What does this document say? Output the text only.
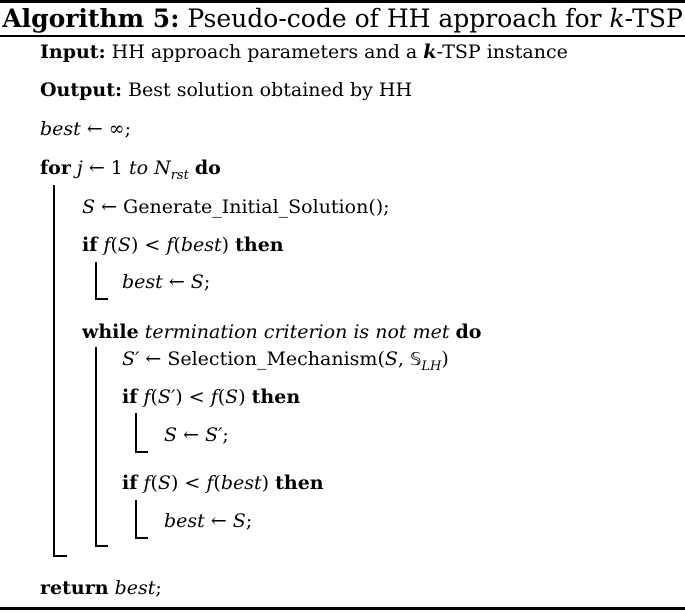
Algorithm 5: Pseudo-code of HH approach for k-TSP
Input: HH approach parameters and a k-TSP instance
Output: Best solution obtained by HH
best ← ∞;
for j ← 1 to $N_{rst}$ do
S ← Generate_Initial_Solution();
if f(S) < f(best) then
best ← S;
while termination criterion is not met do
S′ ← Selection_Mechanism(S, 𝕊$_{LH}$)
if f(S′) < f(S) then
S ← S′;
if f(S) < f(best) then
best ← S;
return best;
